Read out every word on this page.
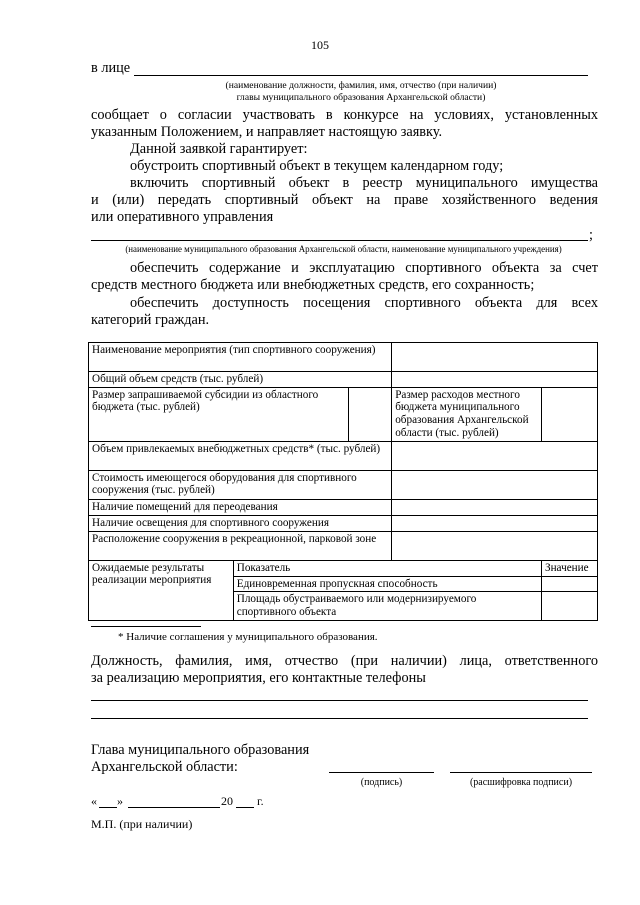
105
в лице
(наименование должности, фамилия, имя, отчество (при наличии)
главы муниципального образования Архангельской области)
сообщает о согласии участвовать в конкурсе на условиях, установленных
указанным Положением, и направляет настоящую заявку.
Данной заявкой гарантирует:
обустроить спортивный объект в текущем календарном году;
включить спортивный объект в реестр муниципального имущества
и (или) передать спортивный объект на праве хозяйственного ведения
или оперативного управления
;
(наименование муниципального образования Архангельской области, наименование муниципального учреждения)
обеспечить содержание и эксплуатацию спортивного объекта за счет
средств местного бюджета или внебюджетных средств, его сохранность;
обеспечить доступность посещения спортивного объекта для всех
категорий граждан.
Наименование мероприятия (тип спортивного сооружения)				
Общий объем средств (тыс. рублей)				
Размер запрашиваемой субсидии из областного бюджета (тыс. рублей)			Размер расходов местного бюджета муниципального образования Архангельской области (тыс. рублей)	
Объем привлекаемых внебюджетных средств* (тыс. рублей)				
Стоимость имеющегося оборудования для спортивного сооружения (тыс. рублей)				
Наличие помещений для переодевания				
Наличие освещения для спортивного сооружения				
Расположение сооружения в рекреационной, парковой зоне				
Ожидаемые результаты реализации мероприятия	Показатель			Значение
	Единовременная пропускная способность			
	Площадь обустраиваемого или модернизируемого спортивного объекта			
* Наличие соглашения у муниципального образования.
Должность, фамилия, имя, отчество (при наличии) лица, ответственного
за реализацию мероприятия, его контактные телефоны
Глава муниципального образования
Архангельской области:
(подпись)	(расшифровка подписи)
« »	20 г.
М.П. (при наличии)
